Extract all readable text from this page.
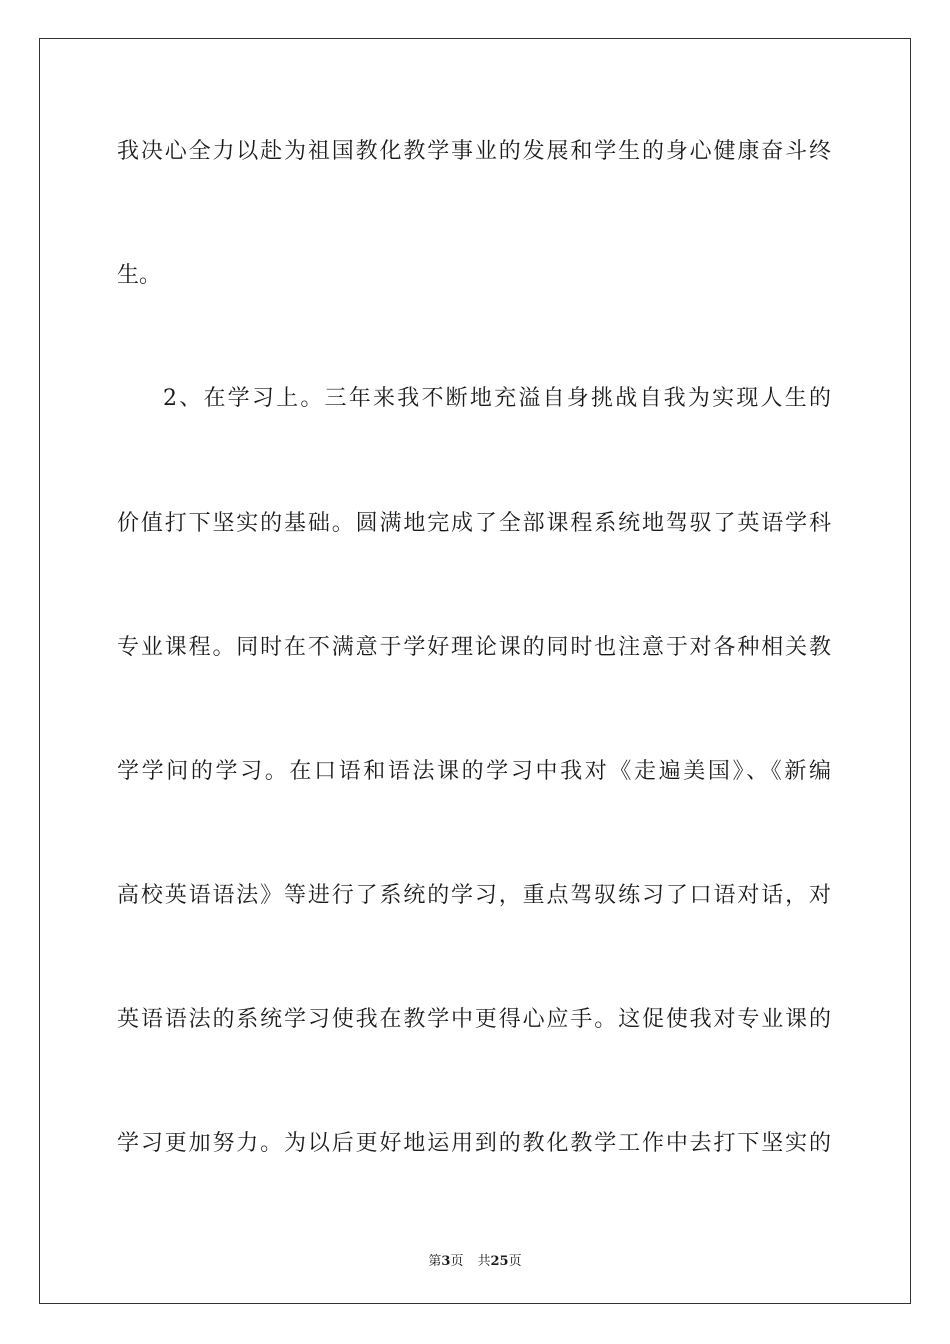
我决心全力以赴为祖国教化教学事业的发展和学生的身心健康奋斗终

生。

2、在学习上。三年来我不断地充溢自身挑战自我为实现人生的

价值打下坚实的基础。圆满地完成了全部课程系统地驾驭了英语学科

专业课程。同时在不满意于学好理论课的同时也注意于对各种相关教

学学问的学习。在口语和语法课的学习中我对《走遍美国》、《新编

高校英语语法》等进行了系统的学习，重点驾驭练习了口语对话，对

英语语法的系统学习使我在教学中更得心应手。这促使我对专业课的

学习更加努力。为以后更好地运用到的教化教学工作中去打下坚实的

第3页 共25页
